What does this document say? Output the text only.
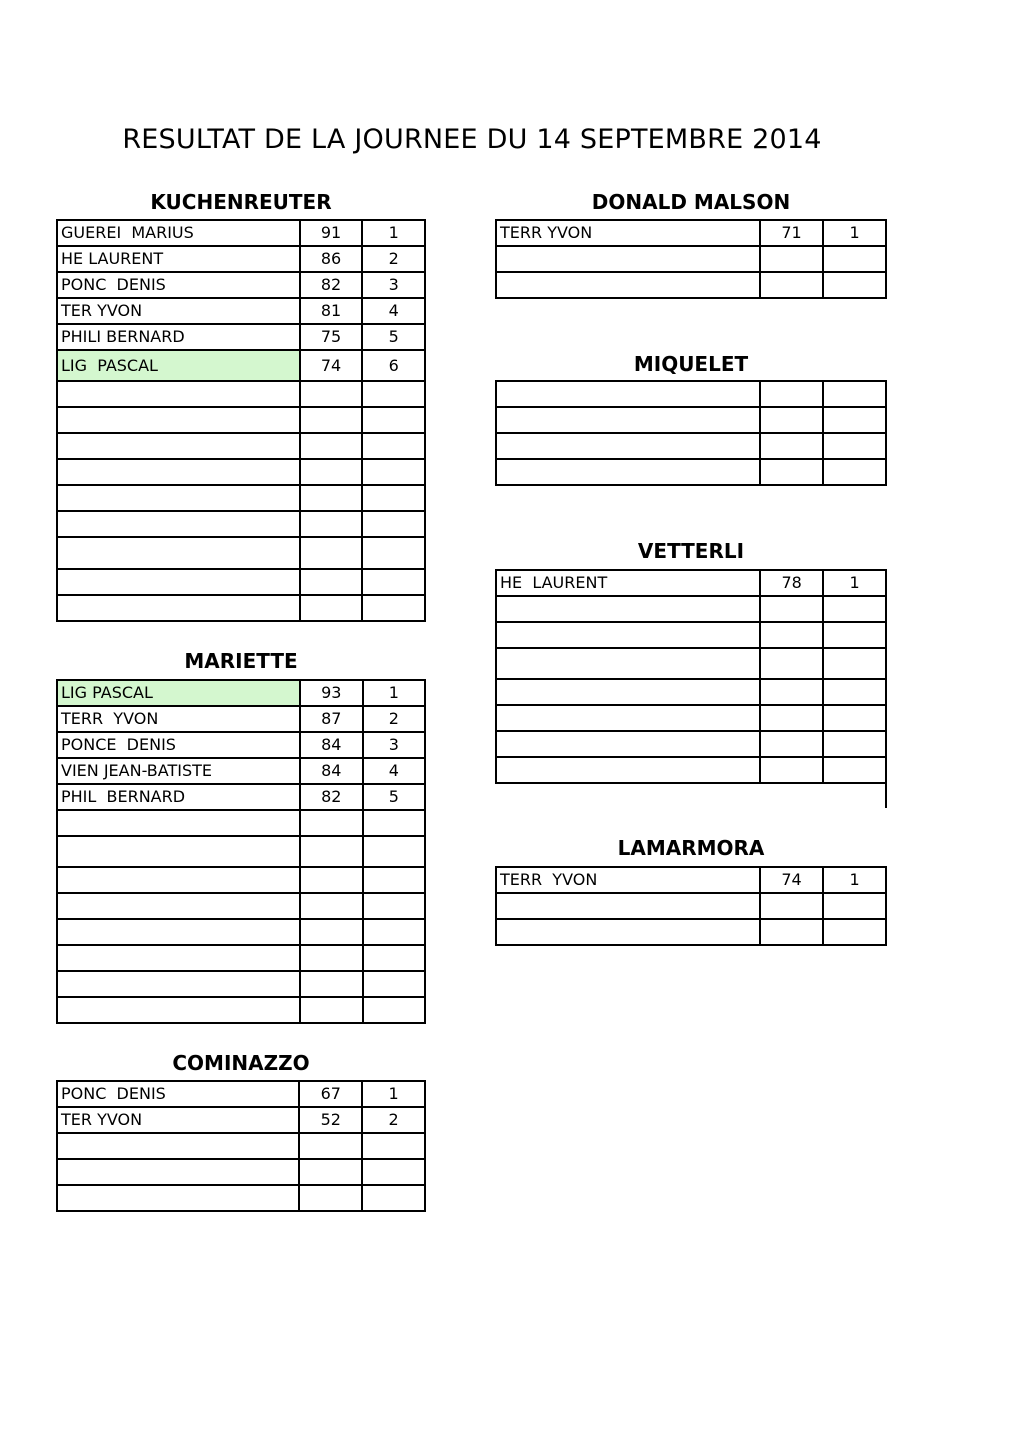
RESULTAT DE LA JOURNEE DU 14 SEPTEMBRE 2014
KUCHENREUTER
GUEREI  MARIUS	91	1
HE LAURENT	86	2
PONC  DENIS	82	3
TER YVON	81	4
PHILI BERNARD	75	5
LIG  PASCAL	74	6

MARIETTE
LIG PASCAL	93	1
TERR  YVON	87	2
PONCE  DENIS	84	3
VIEN JEAN-BATISTE	84	4
PHIL  BERNARD	82	5

COMINAZZO
PONC  DENIS	67	1
TER YVON	52	2

DONALD MALSON
TERR YVON	71	1

MIQUELET

VETTERLI
HE  LAURENT	78	1

LAMARMORA
TERR  YVON	74	1
